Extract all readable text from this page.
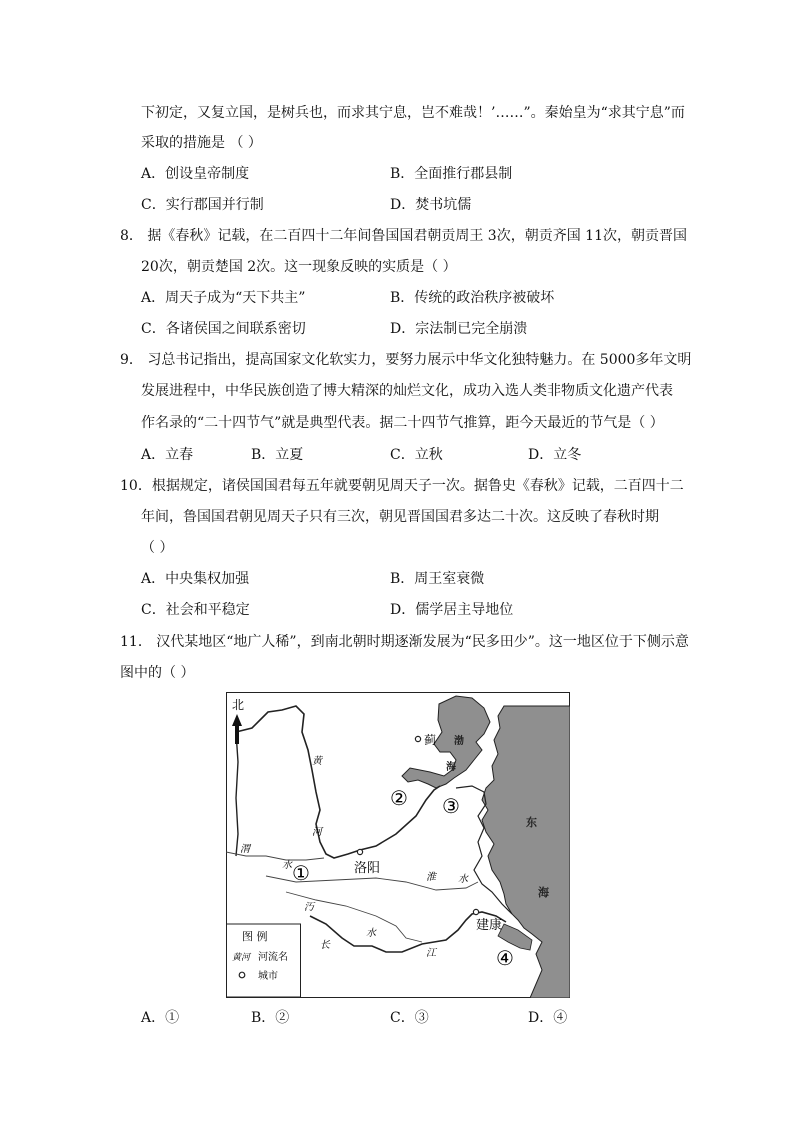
下初定，又复立国，是树兵也，而求其宁息，岂不难哉！’……”。秦始皇为“求其宁息”而
采取的措施是 （ ）
A．创设皇帝制度	B．全面推行郡县制
C．实行郡国并行制	D．焚书坑儒
8． 据《春秋》记载，在二百四十二年间鲁国国君朝贡周王 3次，朝贡齐国 11次，朝贡晋国
20次，朝贡楚国 2次。这一现象反映的实质是（ ）
A．周天子成为“天下共主”	B．传统的政治秩序被破坏
C．各诸侯国之间联系密切	D．宗法制已完全崩溃
9． 习总书记指出，提高国家文化软实力，要努力展示中华文化独特魅力。在 5000多年文明
发展进程中，中华民族创造了博大精深的灿烂文化，成功入选人类非物质文化遗产代表
作名录的“二十四节气”就是典型代表。据二十四节气推算，距今天最近的节气是（ ）
A．立春	B．立夏	C．立秋	D．立冬
10．根据规定，诸侯国国君每五年就要朝见周天子一次。据鲁史《春秋》记载，二百四十二
年间，鲁国国君朝见周天子只有三次，朝见晋国国君多达二十次。这反映了春秋时期
（ ）
A．中央集权加强	B．周王室衰微
C．社会和平稳定	D．儒学居主导地位
11． 汉代某地区“地广人稀”，到南北朝时期逐渐发展为“民多田少”。这一地区位于下侧示意
图中的（ ）
图 例
黄河 河流名
城市
北
蓟
洛阳
建康
黄
河
渭
水
淮 水
汅
水
长
江
渤
海
东
海
①
② ③
④
A．①	B．②	C．③	D．④
